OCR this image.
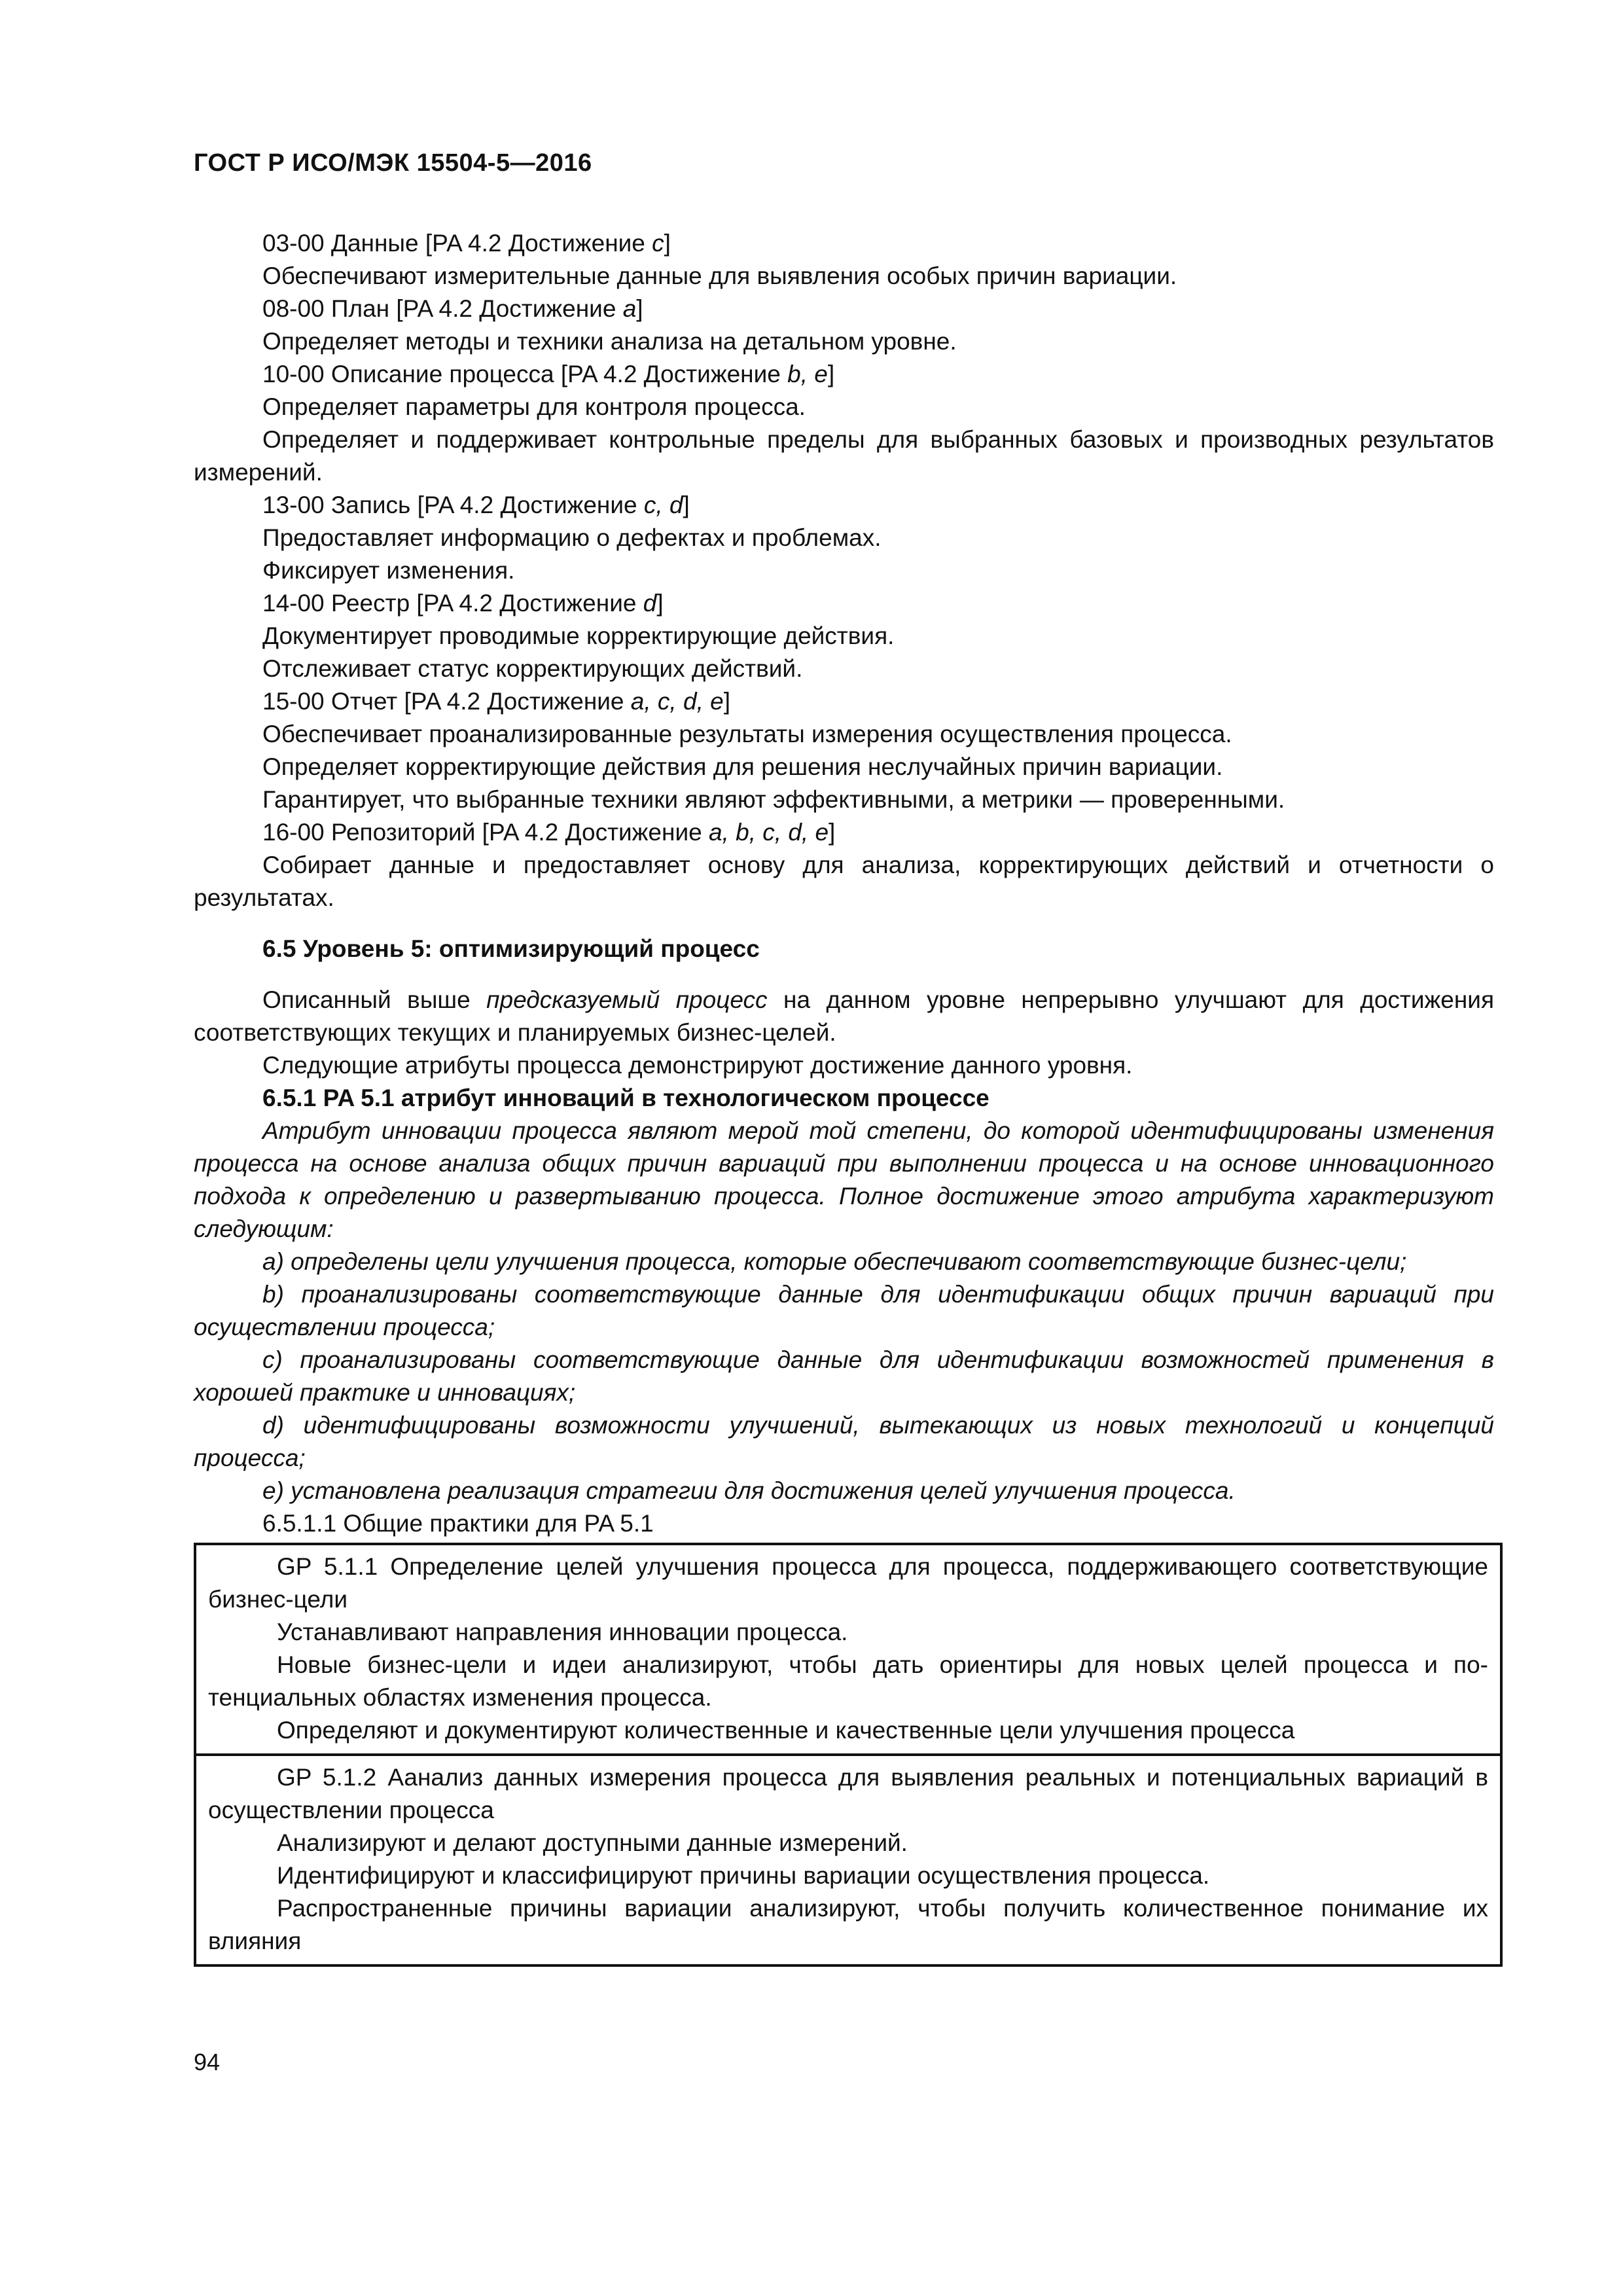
ГОСТ Р ИСО/МЭК 15504-5—2016

03-00 Данные [PA 4.2 Достижение c]

Обеспечивают измерительные данные для выявления особых причин вариации.

08-00 План [PA 4.2 Достижение a]

Определяет методы и техники анализа на детальном уровне.

10-00 Описание процесса [PA 4.2 Достижение b, e]

Определяет параметры для контроля процесса.

Определяет и поддерживает контрольные пределы для выбранных базовых и производных результатов измерений.

13-00 Запись [PA 4.2 Достижение c, d]

Предоставляет информацию о дефектах и проблемах.

Фиксирует изменения.

14-00 Реестр [PA 4.2 Достижение d]

Документирует проводимые корректирующие действия.

Отслеживает статус корректирующих действий.

15-00 Отчет [PA 4.2 Достижение a, c, d, e]

Обеспечивает проанализированные результаты измерения осуществления процесса.

Определяет корректирующие действия для решения неслучайных причин вариации.

Гарантирует, что выбранные техники являют эффективными, а метрики — проверенными.

16-00 Репозиторий [PA 4.2 Достижение a, b, c, d, e]

Собирает данные и предоставляет основу для анализа, корректирующих действий и отчетности о результатах.

6.5 Уровень 5: оптимизирующий процесс

Описанный выше предсказуемый процесс на данном уровне непрерывно улучшают для достижения соответствующих текущих и планируемых бизнес-целей.

Следующие атрибуты процесса демонстрируют достижение данного уровня.

6.5.1 PA 5.1 атрибут инноваций в технологическом процессе

Атрибут инновации процесса являют мерой той степени, до которой идентифицированы изменения процесса на основе анализа общих причин вариаций при выполнении процесса и на основе инновационного подхода к определению и развертыванию процесса. Полное достижение этого атрибута характеризуют следующим:

a) определены цели улучшения процесса, которые обеспечивают соответствующие бизнес-цели;

b) проанализированы соответствующие данные для идентификации общих причин вариаций при осуществлении процесса;

c) проанализированы соответствующие данные для идентификации возможностей применения в хорошей практике и инновациях;

d) идентифицированы возможности улучшений, вытекающих из новых технологий и концепций процесса;

e) установлена реализация стратегии для достижения целей улучшения процесса.

6.5.1.1 Общие практики для PA 5.1

GP 5.1.1 Определение целей улучшения процесса для процесса, поддерживающего соответствующие бизнес-цели

Устанавливают направления инновации процесса.

Новые бизнес-цели и идеи анализируют, чтобы дать ориентиры для новых целей процесса и потенциальных областях изменения процесса.

Определяют и документируют количественные и качественные цели улучшения процесса

GP 5.1.2 Аанализ данных измерения процесса для выявления реальных и потенциальных вариаций в осуществлении процесса

Анализируют и делают доступными данные измерений.

Идентифицируют и классифицируют причины вариации осуществления процесса.

Распространенные причины вариации анализируют, чтобы получить количественное понимание их влияния

94
